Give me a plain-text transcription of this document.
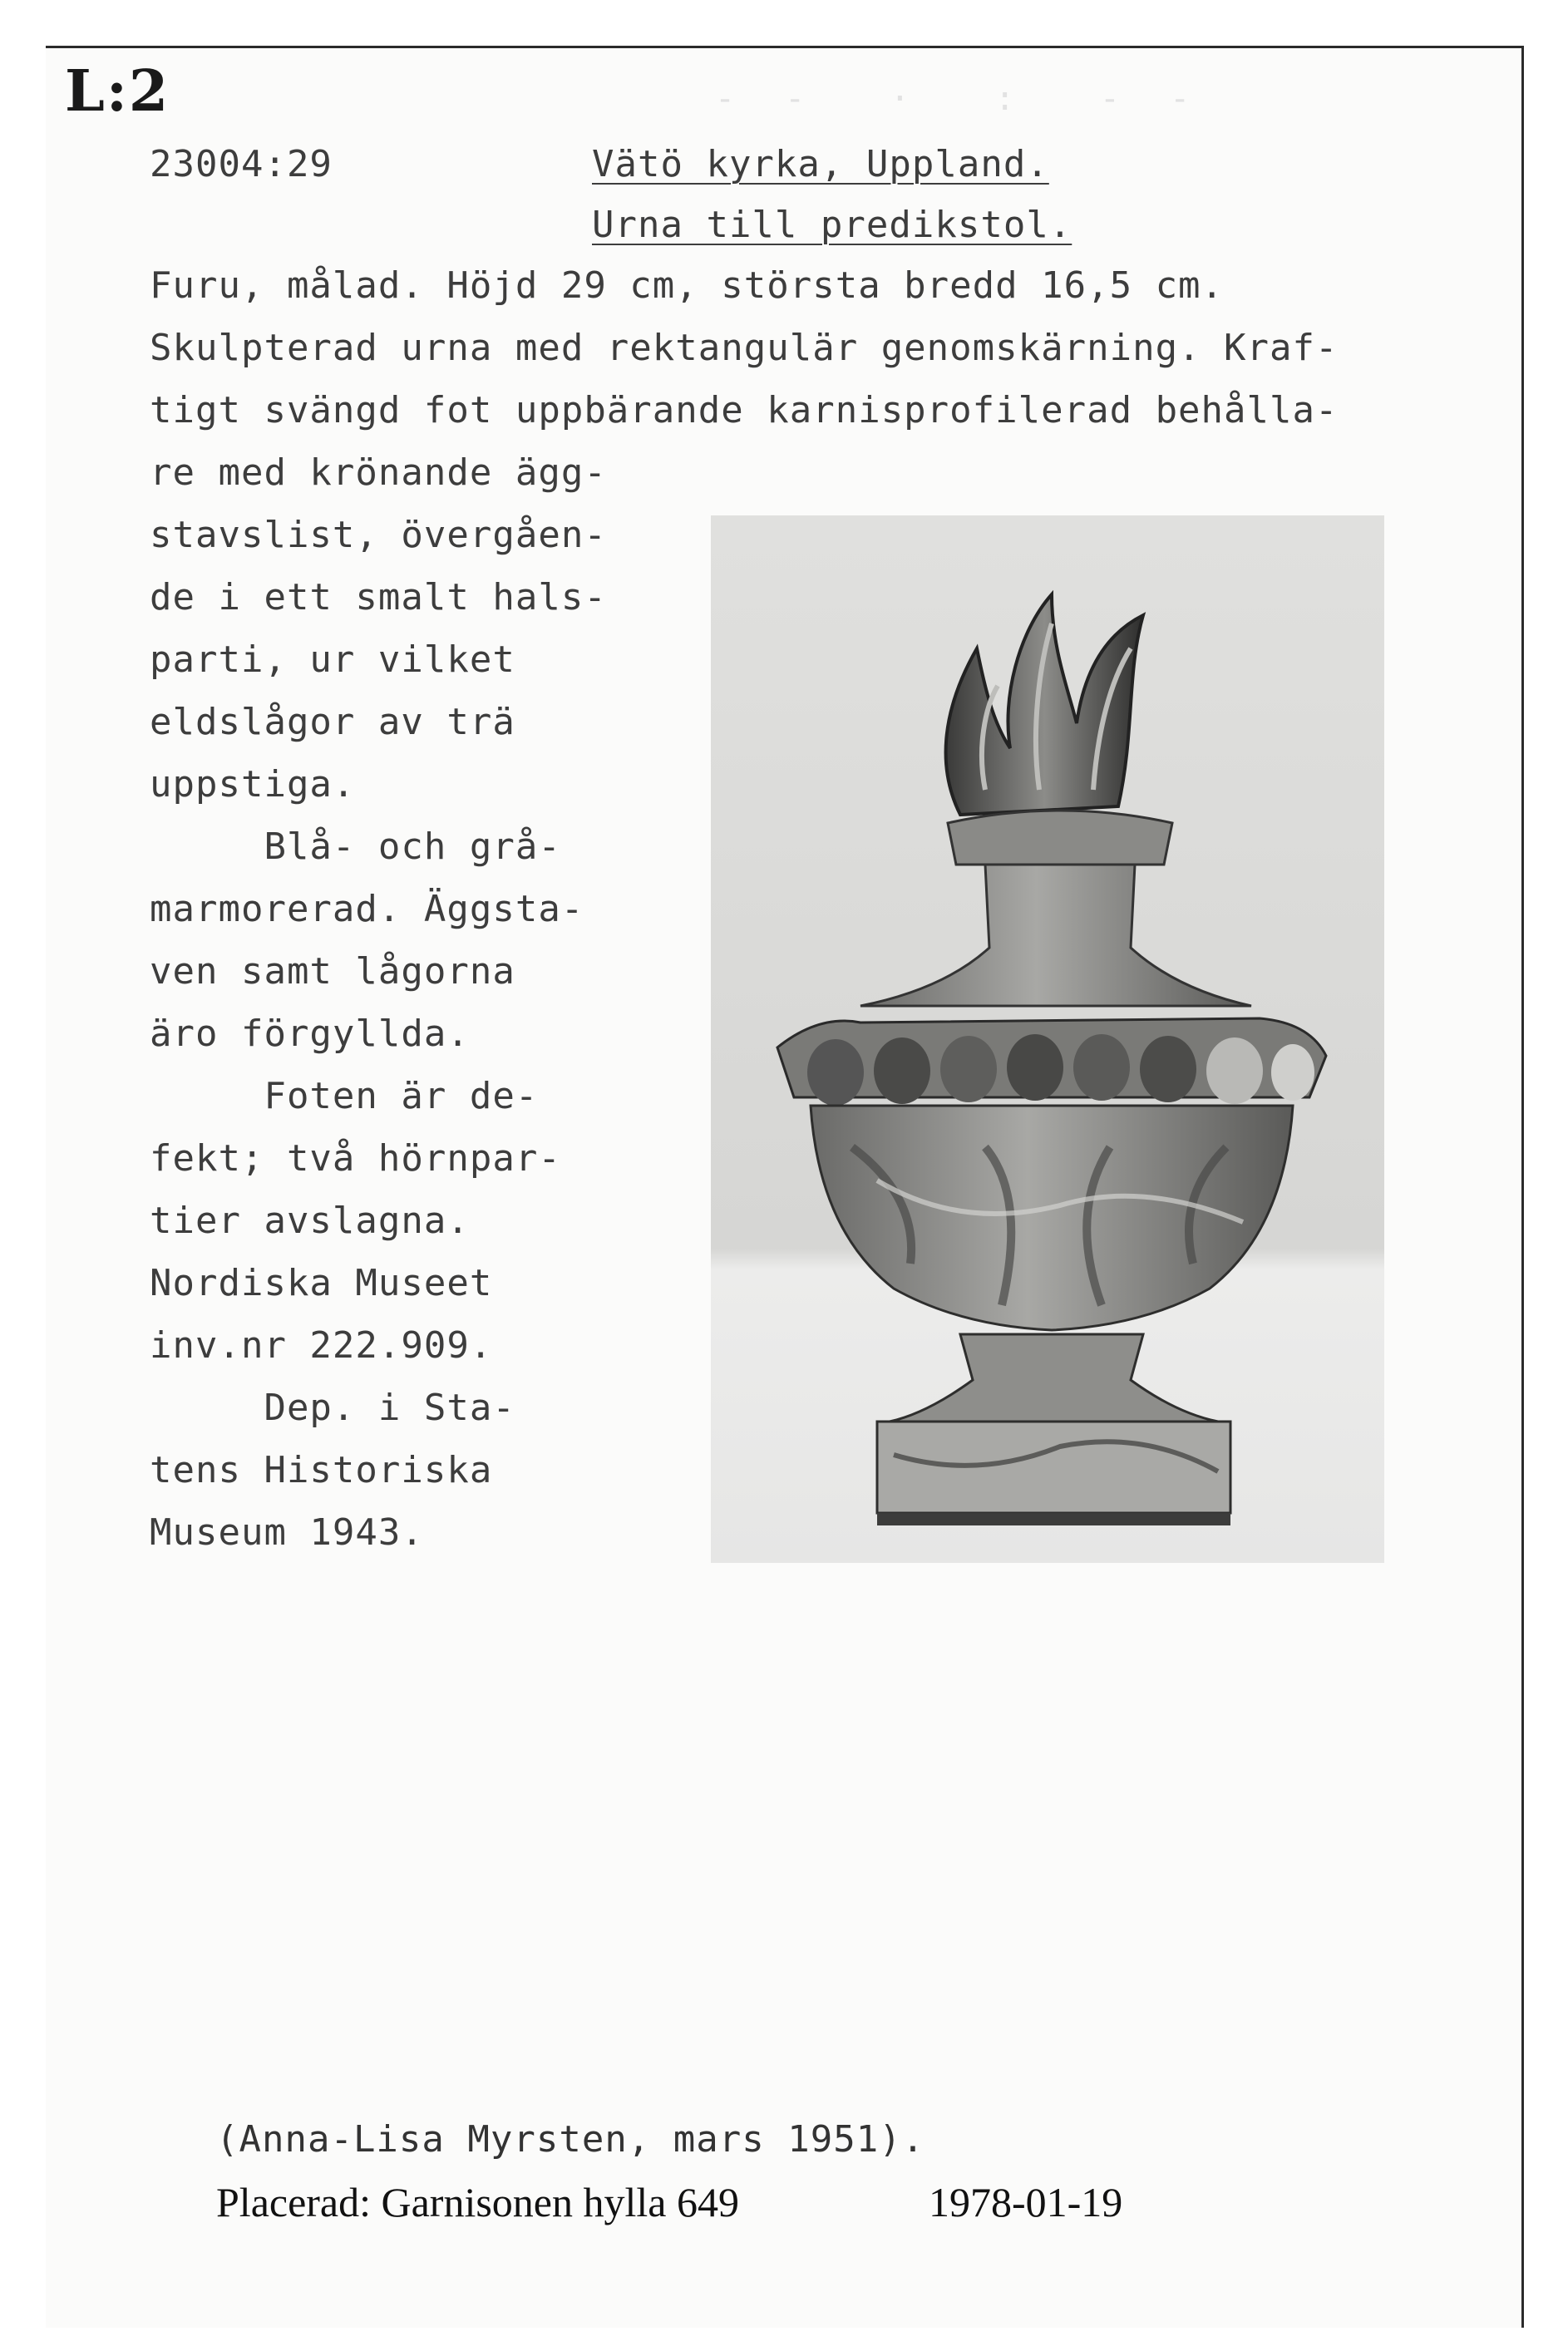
L:2	- -  ·  :  - -
23004:29	Vätö kyrka, Uppland.
Urna till predikstol.
Furu, målad. Höjd 29 cm, största bredd 16,5 cm.
Skulpterad urna med rektangulär genomskärning. Kraf-
tigt svängd fot uppbärande karnisprofilerad behålla-
re med krönande ägg-
stavslist, övergåen-
de i ett smalt hals-
parti, ur vilket
eldslågor av trä
uppstiga.
Blå- och grå-
marmorerad. Äggsta-
ven samt lågorna
äro förgyllda.
Foten är de-
fekt; två hörnpar-
tier avslagna.
Nordiska Museet
inv.nr 222.909.
Dep. i Sta-
tens Historiska
Museum 1943.
(Anna-Lisa Myrsten, mars 1951).
Placerad: Garnisonen hylla 649	1978-01-19
